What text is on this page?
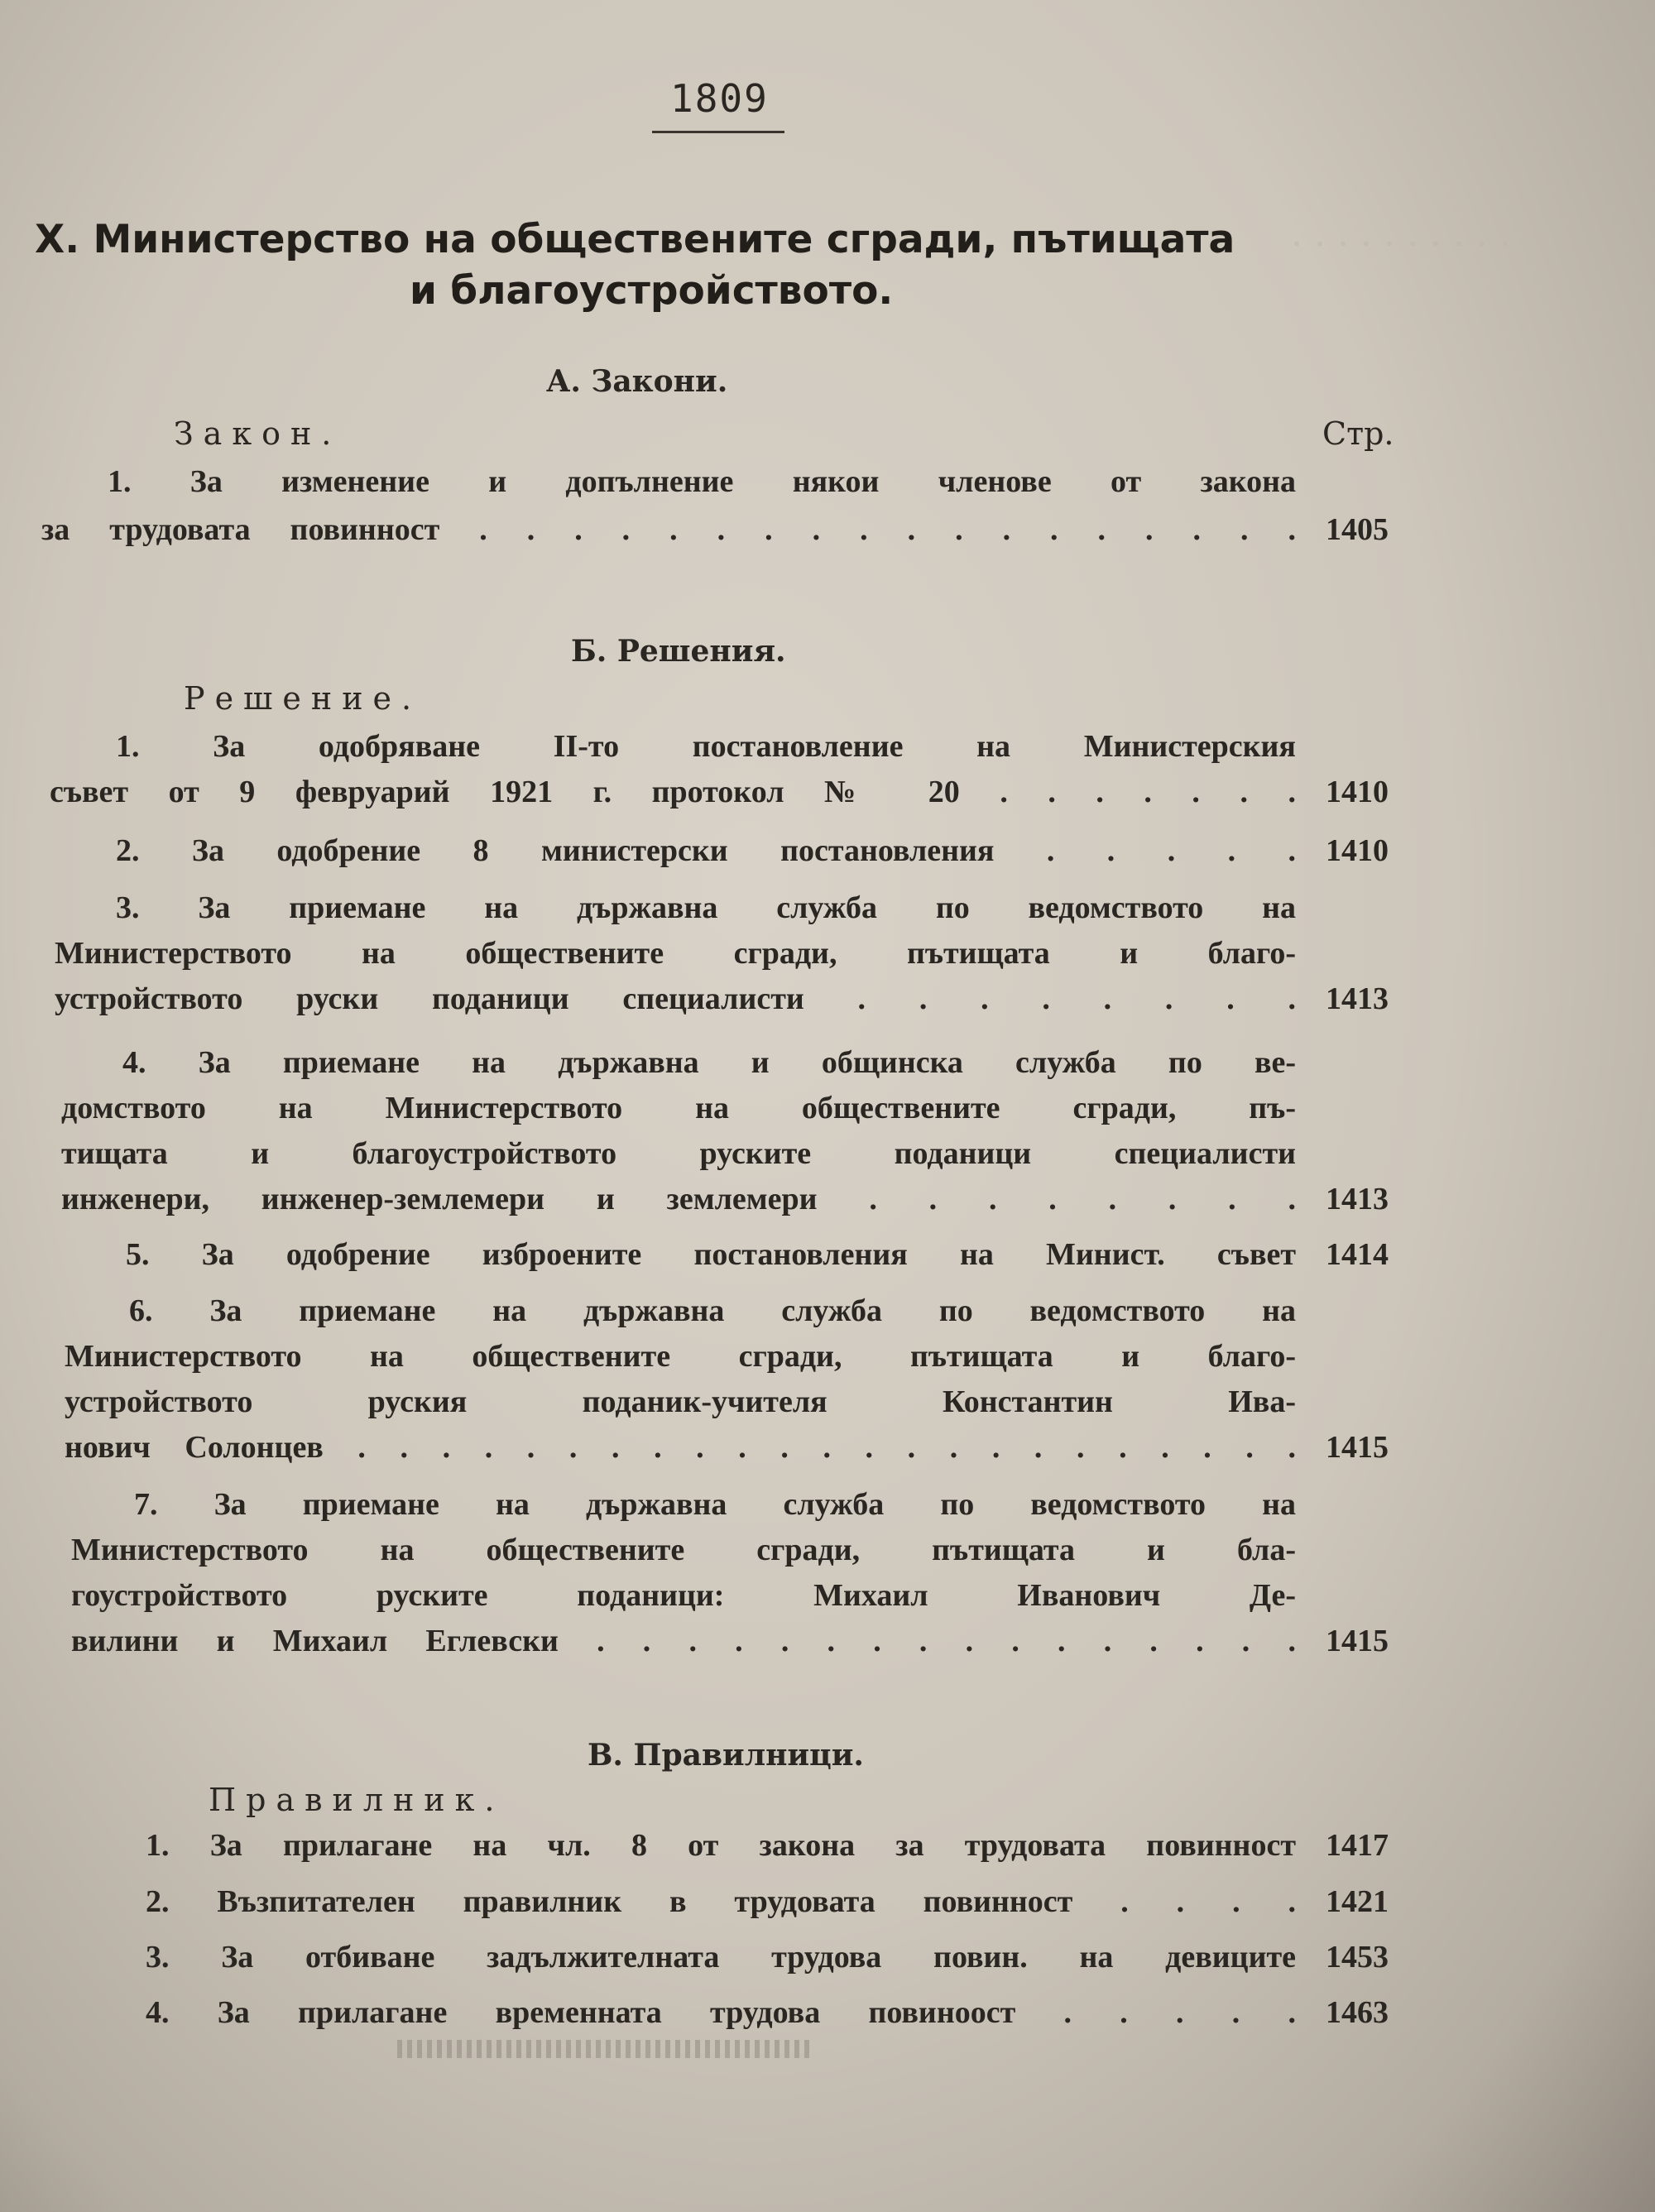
· · · · · · · · · ·
1809
X. Министерство на обществените сгради, пътищата
и благоустройството.
А. Закони.
Закон.	Стр.
1. За изменение и допълнение някои членове от закона
за трудовата повинност . . . . . . . . . . . . . . . . . . 1405
Б. Решения.
Решение.
1. За одобряване II-то постановление на Министерския
съвет от 9 февруарий 1921 г. протокол № 20 . . . . . . . 1410
2. За одобрение 8 министерски постановления . . . . . 1410
3. За приемане на държавна служба по ведомството на
Министерството на обществените сгради, пътищата и благо-
устройството руски поданици специалисти . . . . . . . . 1413
4. За приемане на държавна и общинска служба по ве-
домството на Министерството на обществените сгради, пъ-
тищата и благоустройството руските поданици специалисти
инженери, инженер-землемери и землемери . . . . . . . . 1413
5. За одобрение изброените постановления на Минист. съвет 1414
6. За приемане на държавна служба по ведомството на
Министерството на обществените сгради, пътищата и благо-
устройството руския поданик-учителя Константин Ива-
нович Солонцев . . . . . . . . . . . . . . . . . . . . . . . 1415
7. За приемане на държавна служба по ведомството на
Министерството на обществените сгради, пътищата и бла-
гоустройството руските поданици: Михаил Иванович Де-
вилини и Михаил Еглевски . . . . . . . . . . . . . . . . 1415
В. Правилници.
Правилник.
1. За прилагане на чл. 8 от закона за трудовата повинност 1417
2. Възпитателен правилник в трудовата повинност . . . . 1421
3. За отбиване задължителната трудова повин. на девиците 1453
4. За прилагане временната трудова повиноост . . . . . 1463
